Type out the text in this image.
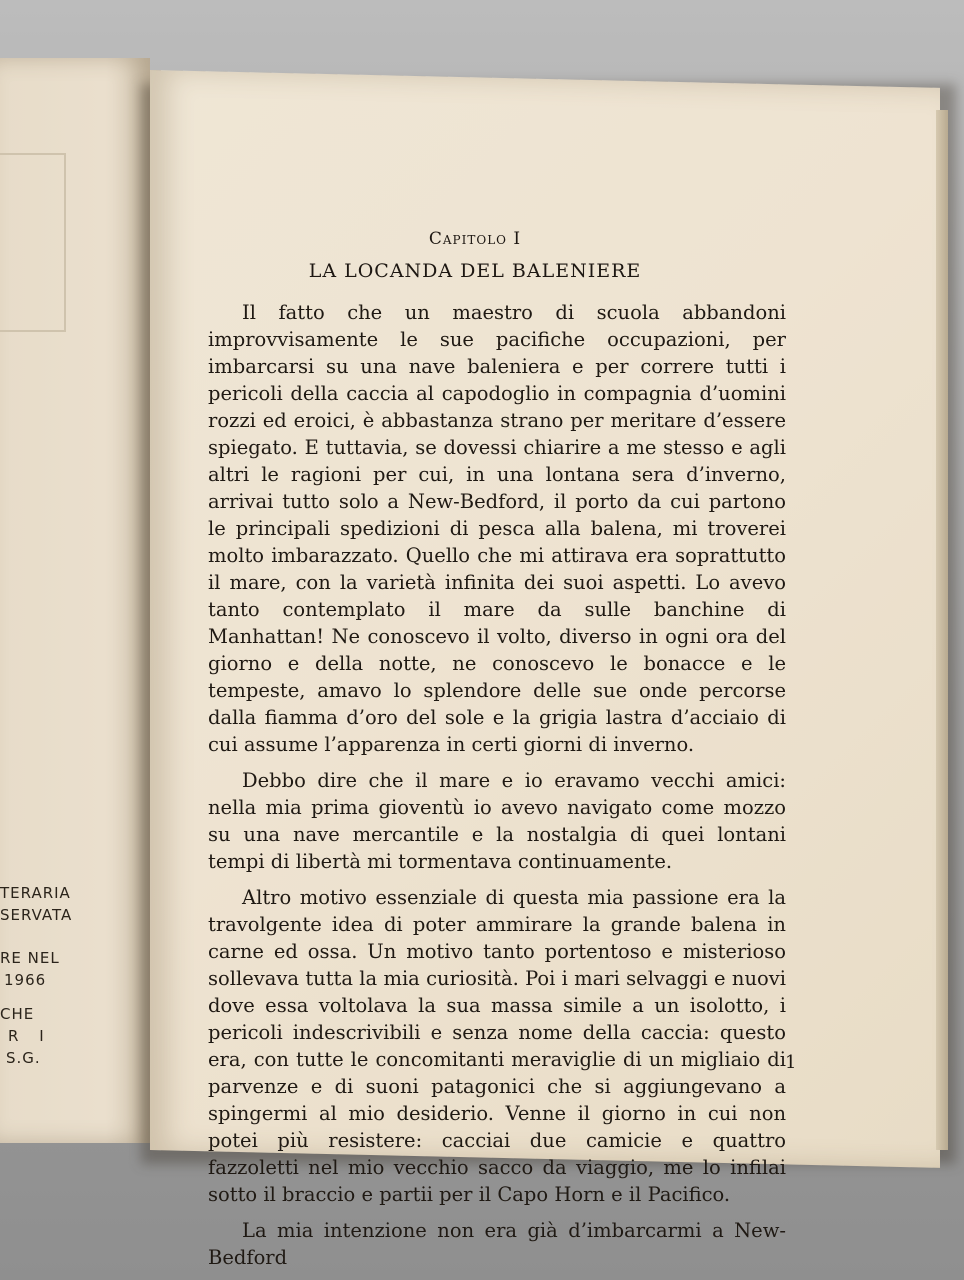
TERARIA
SERVATA
RE NEL
1966
CHE
R I
S.G.
Capitolo I
LA LOCANDA DEL BALENIERE

Il fatto che un maestro di scuola abbandoni improvvisamente le sue pacifiche occupazioni, per imbarcarsi su una nave baleniera e per correre tutti i pericoli della caccia al capodoglio in compagnia d’uomini rozzi ed eroici, è abbastanza strano per meritare d’essere spiegato. E tuttavia, se dovessi chiarire a me stesso e agli altri le ragioni per cui, in una lontana sera d’inverno, arrivai tutto solo a New-Bedford, il porto da cui partono le principali spedizioni di pesca alla balena, mi troverei molto imbarazzato. Quello che mi attirava era soprattutto il mare, con la varietà infinita dei suoi aspetti. Lo avevo tanto contemplato il mare da sulle banchine di Manhattan! Ne conoscevo il volto, diverso in ogni ora del giorno e della notte, ne conoscevo le bonacce e le tempeste, amavo lo splendore delle sue onde percorse dalla fiamma d’oro del sole e la grigia lastra d’acciaio di cui assume l’apparenza in certi giorni di inverno.

Debbo dire che il mare e io eravamo vecchi amici: nella mia prima gioventù io avevo navigato come mozzo su una nave mercantile e la nostalgia di quei lontani tempi di libertà mi tormentava continuamente.

Altro motivo essenziale di questa mia passione era la travolgente idea di poter ammirare la grande balena in carne ed ossa. Un motivo tanto portentoso e misterioso sollevava tutta la mia curiosità. Poi i mari selvaggi e nuovi dove essa voltolava la sua massa simile a un isolotto, i pericoli indescrivibili e senza nome della caccia: questo era, con tutte le concomitanti meraviglie di un migliaio di parvenze e di suoni patagonici che si aggiungevano a spingermi al mio desiderio. Venne il giorno in cui non potei più resistere: cacciai due camicie e quattro fazzoletti nel mio vecchio sacco da viaggio, me lo infilai sotto il braccio e partii per il Capo Horn e il Pacifico.

La mia intenzione non era già d’imbarcarmi a New-Bedford

1
